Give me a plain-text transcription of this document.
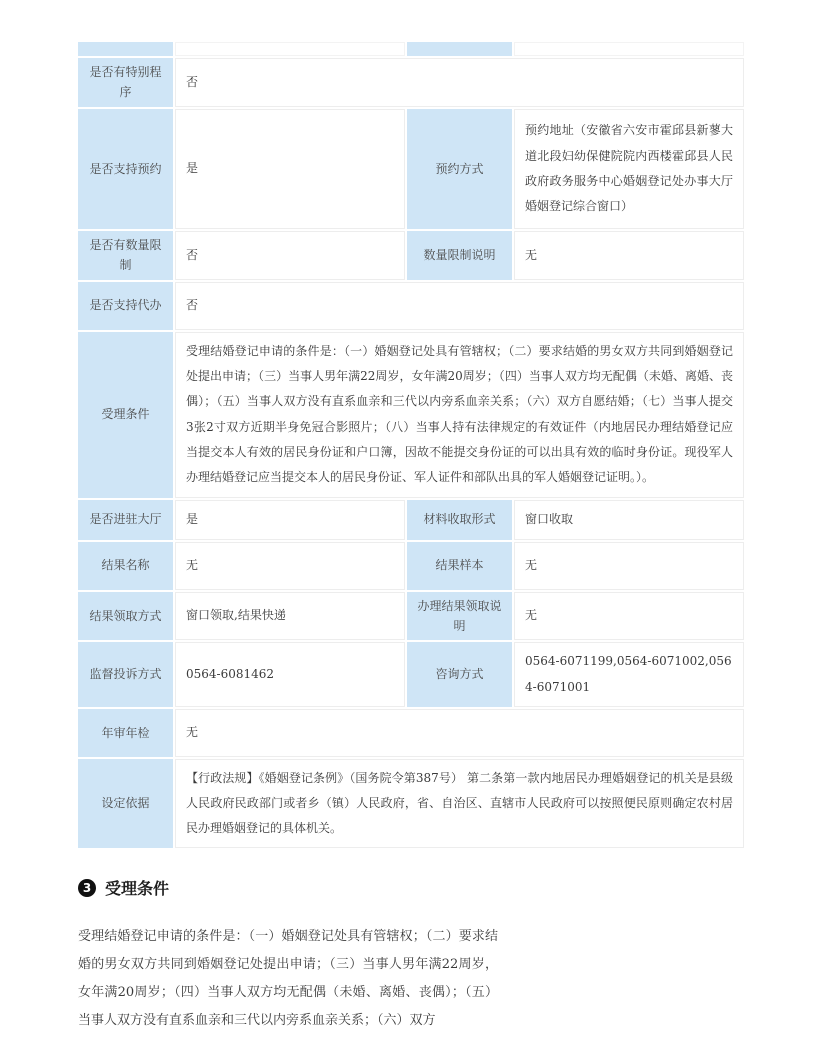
是否有特别程序	否		
是否支持预约	是	预约方式	预约地址（安徽省六安市霍邱县新蓼大道北段妇幼保健院院内西楼霍邱县人民政府政务服务中心婚姻登记处办事大厅婚姻登记综合窗口）
是否有数量限制	否	数量限制说明	无
是否支持代办	否		
受理条件	受理结婚登记申请的条件是：（一）婚姻登记处具有管辖权；（二）要求结婚的男女双方共同到婚姻登记处提出申请；（三）当事人男年满22周岁，女年满20周岁；（四）当事人双方均无配偶（未婚、离婚、丧偶）；（五）当事人双方没有直系血亲和三代以内旁系血亲关系；（六）双方自愿结婚；（七）当事人提交3张2寸双方近期半身免冠合影照片；（八）当事人持有法律规定的有效证件（内地居民办理结婚登记应当提交本人有效的居民身份证和户口簿，因故不能提交身份证的可以出具有效的临时身份证。现役军人办理结婚登记应当提交本人的居民身份证、军人证件和部队出具的军人婚姻登记证明。）。		
是否进驻大厅	是	材料收取形式	窗口收取
结果名称	无	结果样本	无
结果领取方式	窗口领取,结果快递	办理结果领取说明	无
监督投诉方式	0564-6081462	咨询方式	0564-6071199,0564-6071002,0564-6071001
年审年检	无		
设定依据	【行政法规】《婚姻登记条例》（国务院令第387号） 第二条第一款内地居民办理婚姻登记的机关是县级人民政府民政部门或者乡（镇）人民政府，省、自治区、直辖市人民政府可以按照便民原则确定农村居民办理婚姻登记的具体机关。		
3 受理条件

受理结婚登记申请的条件是：（一）婚姻登记处具有管辖权；（二）要求结婚的男女双方共同到婚姻登记处提出申请；（三）当事人男年满22周岁，女年满20周岁；（四）当事人双方均无配偶（未婚、离婚、丧偶）；（五）当事人双方没有直系血亲和三代以内旁系血亲关系；（六）双方
